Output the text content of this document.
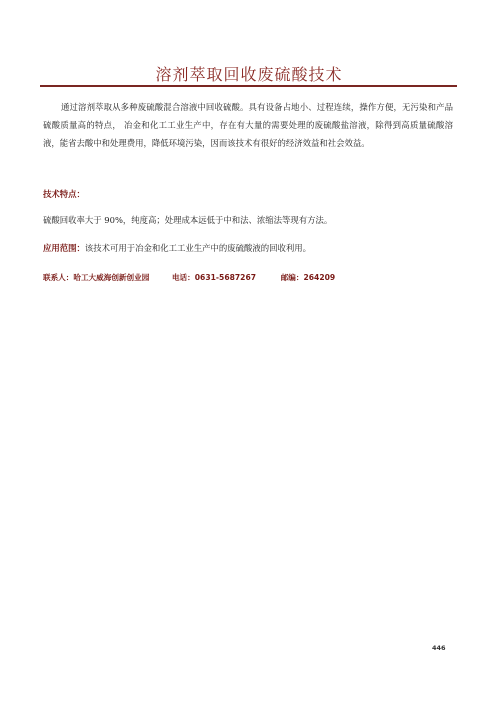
溶剂萃取回收废硫酸技术
通过溶剂萃取从多种废硫酸混合溶液中回收硫酸。具有设备占地小、过程连续，操作方便，无污染和产品硫酸质量高的特点， 冶金和化工工业生产中，存在有大量的需要处理的废硫酸盐溶液，除得到高质量硫酸溶液，能省去酸中和处理费用，降低环境污染，因而该技术有很好的经济效益和社会效益。
技术特点：
硫酸回收率大于 90%，纯度高；处理成本远低于中和法、浓缩法等现有方法。
应用范围：该技术可用于冶金和化工工业生产中的废硫酸液的回收利用。
联系人：哈工大威海创新创业园	电话：0631-5687267	邮编：264209
446
